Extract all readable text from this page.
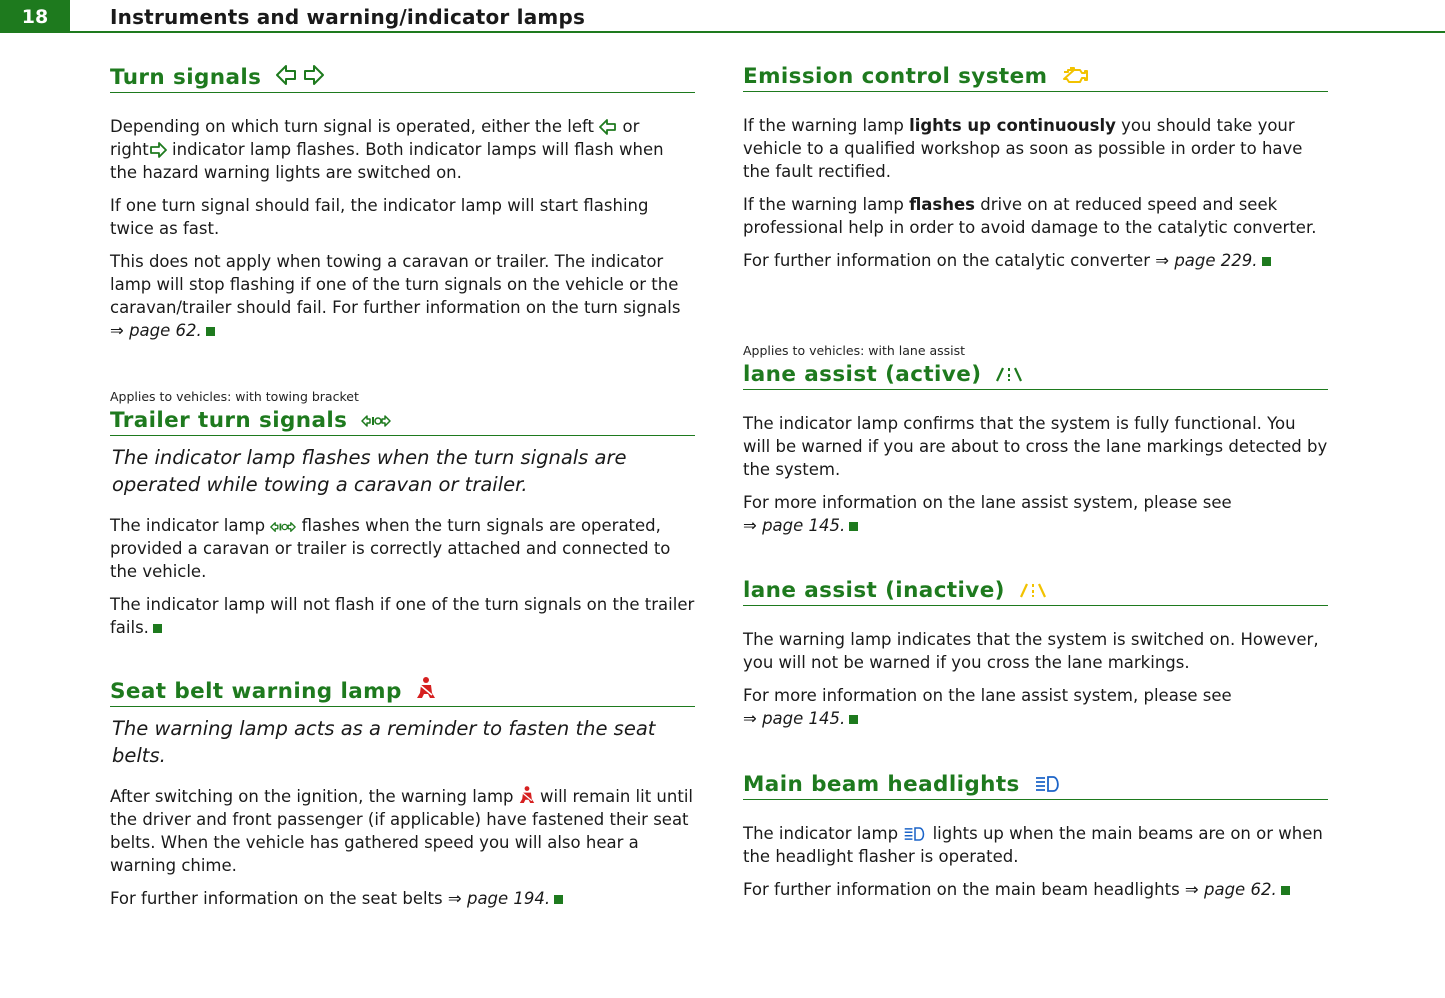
18	Instruments and warning/indicator lamps
Turn signals

Depending on which turn signal is operated, either the left or
right indicator lamp flashes. Both indicator lamps will flash when the hazard warning lights are switched on.

If one turn signal should fail, the indicator lamp will start flashing twice as fast.

This does not apply when towing a caravan or trailer. The indicator lamp will stop flashing if one of the turn signals on the vehicle or the caravan/trailer should fail. For further information on the turn signals ⇒ page 62.

Applies to vehicles: with towing bracket
Trailer turn signals
The indicator lamp flashes when the turn signals are operated while towing a caravan or trailer.

The indicator lamp flashes when the turn signals are operated, provided a caravan or trailer is correctly attached and connected to the vehicle.

The indicator lamp will not flash if one of the turn signals on the trailer fails.

Seat belt warning lamp
The warning lamp acts as a reminder to fasten the seat belts.

After switching on the ignition, the warning lamp will remain lit until the driver and front passenger (if applicable) have fastened their seat belts. When the vehicle has gathered speed you will also hear a warning chime.

For further information on the seat belts ⇒ page 194.

Emission control system

If the warning lamp lights up continuously you should take your vehicle to a qualified workshop as soon as possible in order to have the fault rectified.

If the warning lamp flashes drive on at reduced speed and seek professional help in order to avoid damage to the catalytic converter.

For further information on the catalytic converter ⇒ page 229.

Applies to vehicles: with lane assist
lane assist (active)

The indicator lamp confirms that the system is fully functional. You will be warned if you are about to cross the lane markings detected by the system.

For more information on the lane assist system, please see
⇒ page 145.

lane assist (inactive)

The warning lamp indicates that the system is switched on. However, you will not be warned if you cross the lane markings.

For more information on the lane assist system, please see
⇒ page 145.

Main beam headlights

The indicator lamp lights up when the main beams are on or when the headlight flasher is operated.

For further information on the main beam headlights ⇒ page 62.
